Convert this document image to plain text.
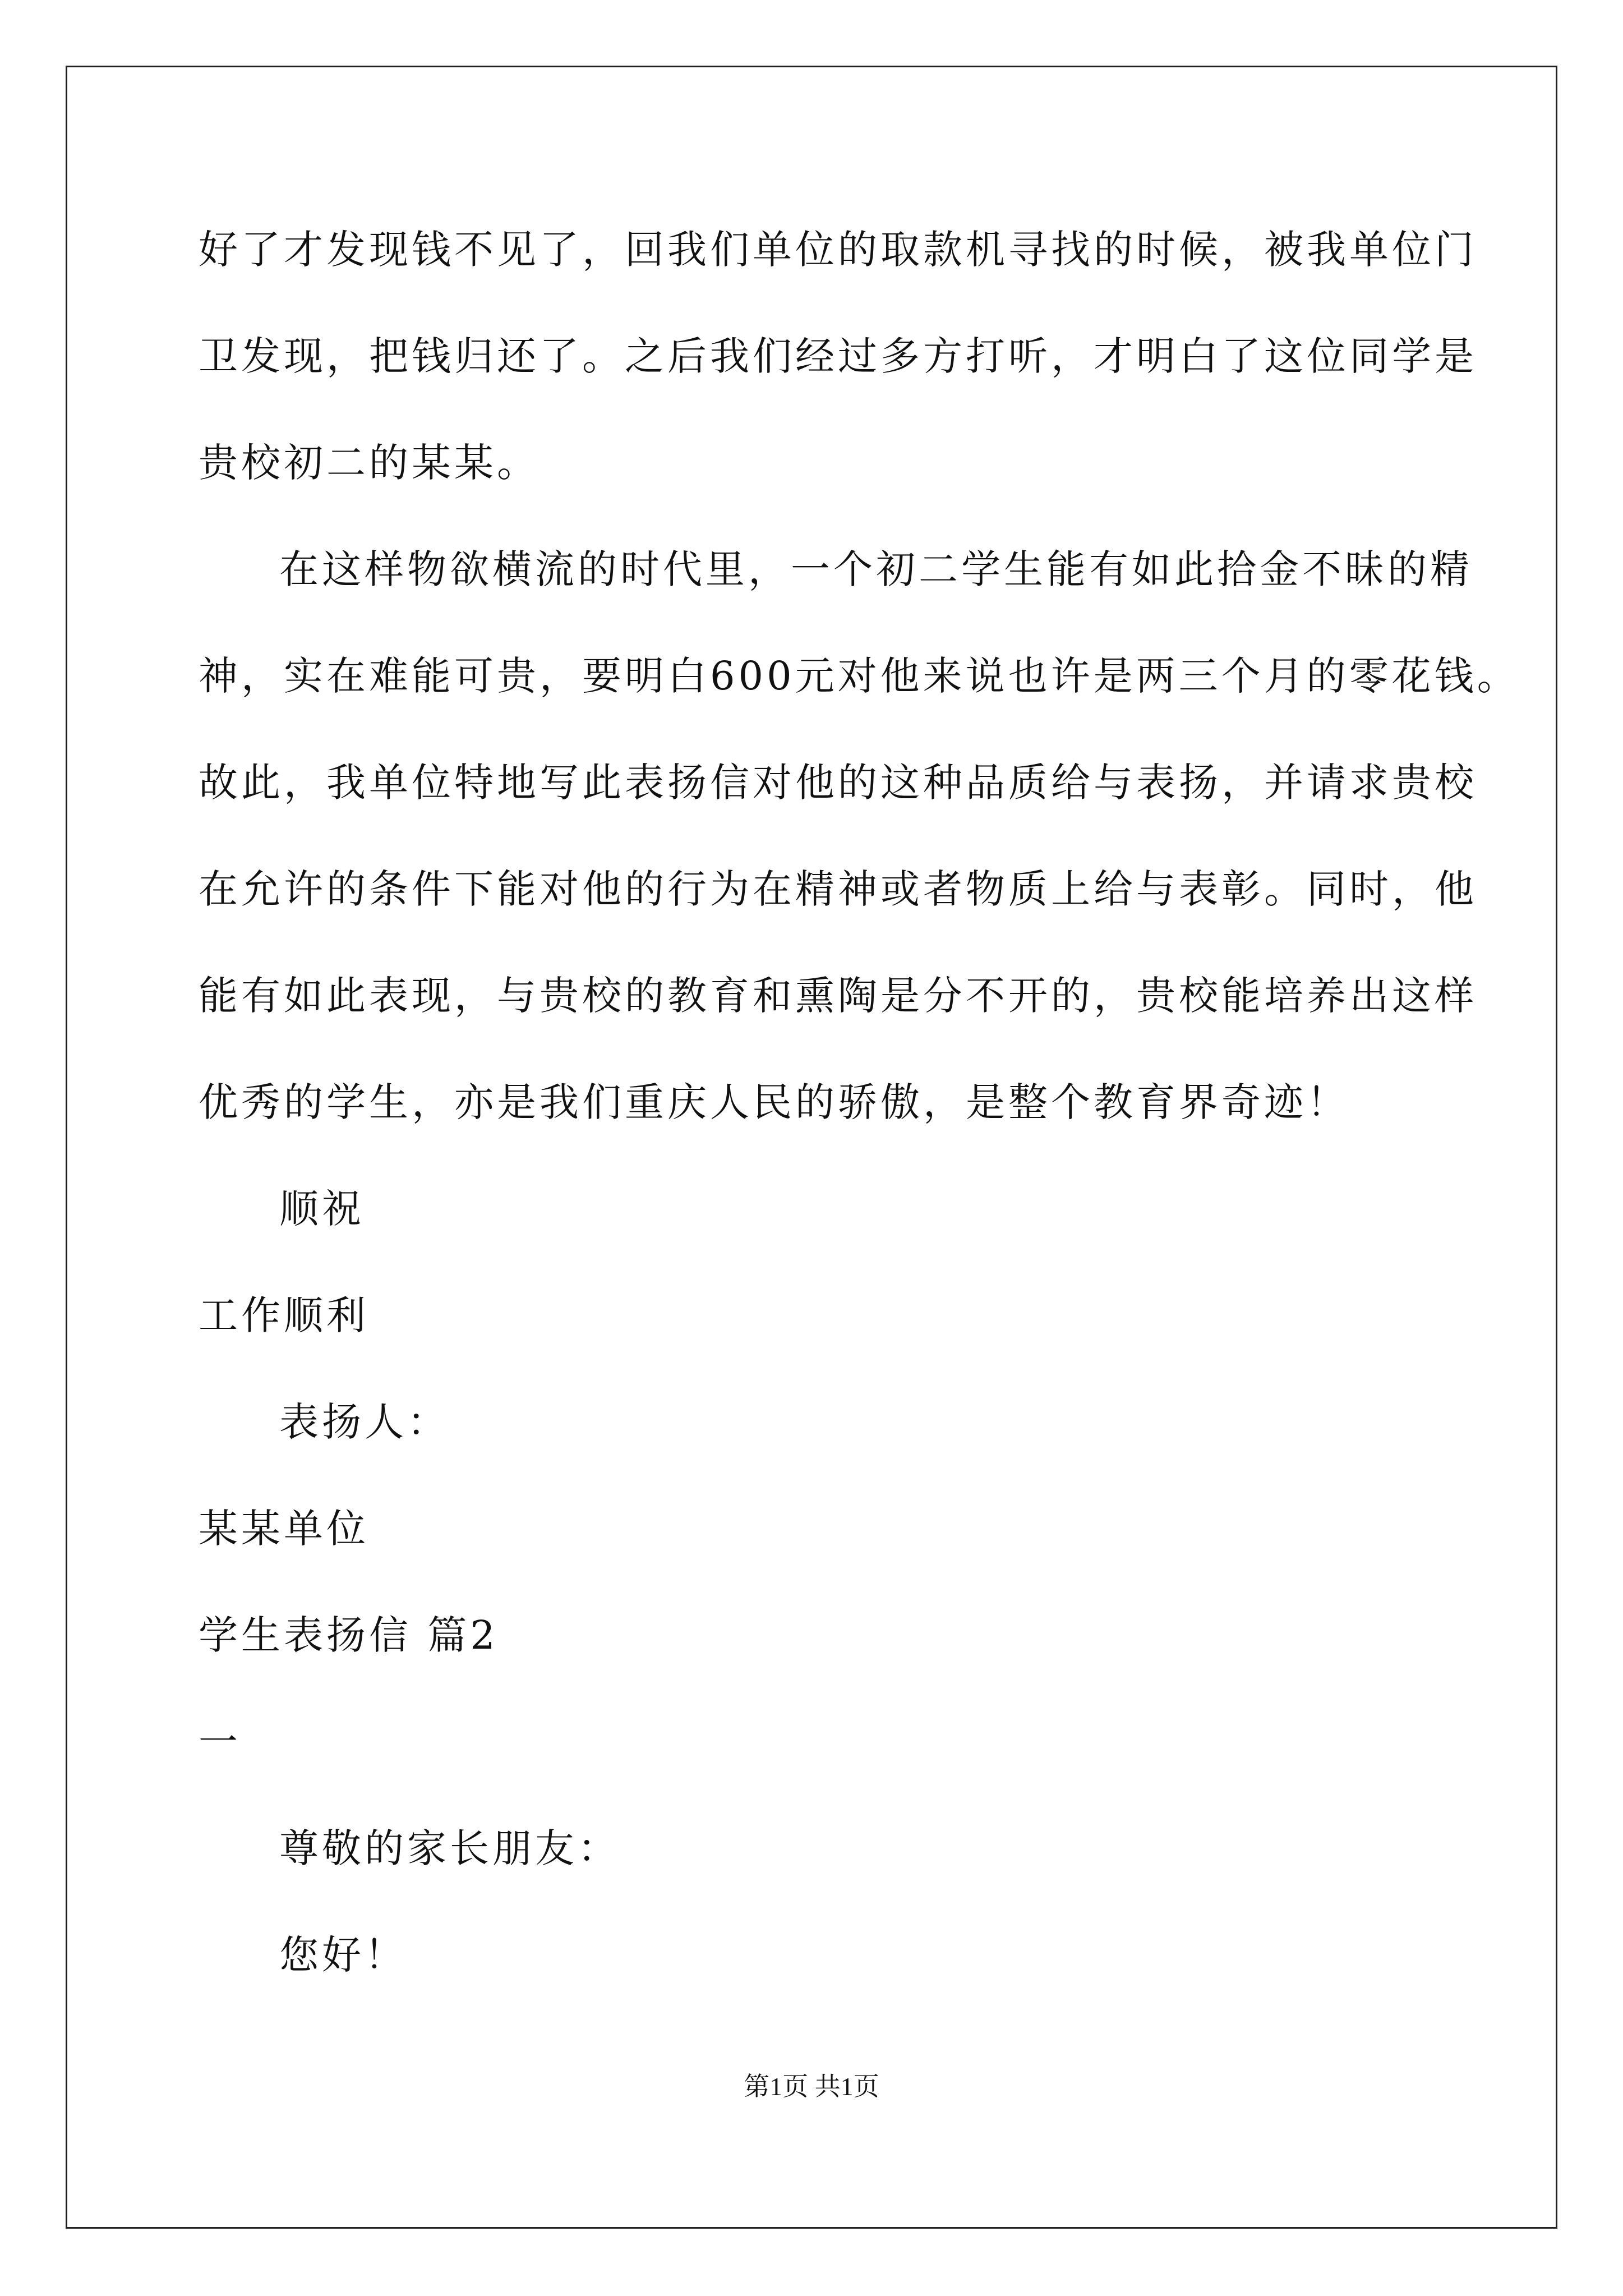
好了才发现钱不见了，回我们单位的取款机寻找的时候，被我单位门
卫发现，把钱归还了。之后我们经过多方打听，才明白了这位同学是
贵校初二的某某。
在这样物欲横流的时代里，一个初二学生能有如此拾金不昧的精
神，实在难能可贵，要明白600元对他来说也许是两三个月的零花钱。
故此，我单位特地写此表扬信对他的这种品质给与表扬，并请求贵校
在允许的条件下能对他的行为在精神或者物质上给与表彰。同时，他
能有如此表现，与贵校的教育和熏陶是分不开的，贵校能培养出这样
优秀的学生，亦是我们重庆人民的骄傲，是整个教育界奇迹！
顺祝
工作顺利
表扬人：
某某单位
学生表扬信 篇2
一
尊敬的家长朋友：
您好！
第1页 共1页
